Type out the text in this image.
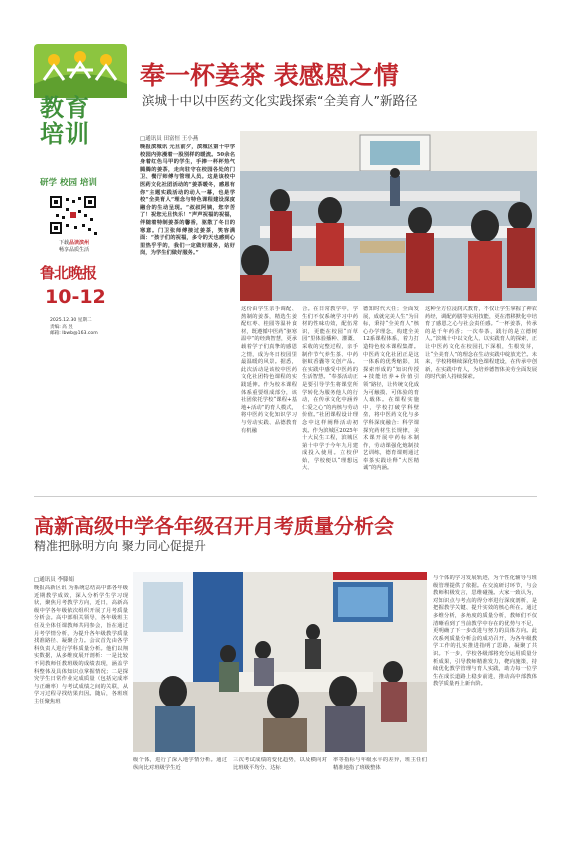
教育
培训
研学 校园 培训
下载品读滨州
畅享品质生活
鲁北晚报
10-12
2025.12.30 星期二
责编: 高 昱
邮箱: lbwb@163.com
奉一杯姜茶 表感恩之情
滨城十中以中医药文化实践探索“全美育人”新路径
□通讯员 田富恒 王小燕
晚报滨城讯 元旦前夕，滨城区第十中学校园内弥漫着一股别样的暖流。50余名身着红色马甲的学生，手捧一杯杯热气腾腾的姜茶，走向驻守在校园各处的门卫、餐厅师傅与管理人员。这是该校中医药文化社团活动的“姜茶暖冬，感恩有你”主题实践活动的动人一幕，也是学校“全美育人”理念与特色课程建设深度融合的生动呈现。“叔叔阿姨，您辛苦了！祝您元旦快乐！”声声祝福的祝福，伴随着特制姜茶的馨香，驱散了冬日的寒意。门卫张师傅接过姜茶，笑容满面：“孩子们的祝福，多令的天也感到心里热乎乎的，我们一定做好服务，站好岗，为学生们做好服务。”
这份由学生亲手调配、熬制的姜茶，精选生姜配红枣、桂圆等温补食材，既遵循中医药“驱寒温中”的经典智慧，更承载着学子们真挚的感恩之情，成为冬日校园里最温暖的风景。据悉，此次活动是该校中医药文化社团特色课程的实践延伸。作为校本课程体系重要组成部分，该社团依托学校“课程+基地+活动”的育人模式，将中医药文化知识学习与劳动实践、品德教育有机融
合。在日常教学中，学生们不仅系统学习中药材的性味功效，配伍常识，更能在校园“百草园”里体验播种、灌溉、采收的完整过程，亲手制作节气养生茶、中药驱蚊香囊等文创产品。在实践中感受中医药的生活智慧。“奉茶活动正是要引导学生将课堂所学转化为服务他人的行动，在传承文化中涵养仁爱之心”的内核与劳动价值。”社团课程设计理念中这样阐释活动初衷。作为滨城区2025年十大民生工程，滨城区第十中学于今年九月建成投入使用。立校伊始，学校便以“理想远大、
德知时代大任；全面发展，成就完美人生”为目标，秉持“全美育人”核心办学理念，构建全美12系课程体系，着力打造特色校本课程集群。中医药文化社团正是这一体系的优秀缩影，其探索形成的“知识传授+技能培养+价值引领”路径，让传统文化成为可触摸、可体验的育人载体。在课程实施中，学校打破学科壁垒，将中医药文化与多学科深度融合：科学课探究药材生长规律，美术课开展中药标本制作，劳动课强化炮制技艺训练，德育课则通过奉茶实践诠释“大医精诚”的内涵。
这种全方位浸润式教育，不仅让学生掌握了神农药经，调配药膳等实用技能，更在潜移默化中培育了感恩之心与社会责任感。“一杯姜茶，传承的是千年药香；一次奉茶，践行的是立德树人。”滨城十中以文化人、以实践育人的探索，正让中医药文化在校园扎下深根，生根发芽，让“全美育人”的理念在生动实践中绽放光芒。未来，学校将继续深化特色课程建设，在传承中创新，在实践中育人，为培养德智体美劳全面发展的时代新人持续探索。
高新高级中学各年级召开月考质量分析会
精准把脉明方向 聚力同心促提升
□通讯员 李滕娟
晚报高新区讯 为系统总结高中部各年级近期教学成效，深入分析学生学习现状，聚焦月考教学方向，近日，高新高级中学各年级依次组织开展了月考质量分析会。高中部相关领导，各年级班主任及全体任课教师共同参会，旨在通过月考学情分析，为提升各年级教学质量找准路径、凝聚合力。会议首先由各学科负责人进行学科质量分析。他们以翔实数据，从多维度展开剖析：一是比较不同教师任教班级的成绩表现，涵盖学科整体及具体知识点掌握情况；二是探究学生日常作业完成质量（包括完成率与正确率）与考试成绩之间的关联，从学习过程寻找结果归因。随后，各班班主任聚焦班
级个体，进行了深入地学情分析。通过纵向比对班级学生近
三次考试成绩的变化趋势，以及横向对比班级平均分、达标
率等指标与年级水平的差异，班主任们精准地指了班级整体
与个体的学习发展轨迹，为个性化辅导与班级管理提供了依据。在交流研讨环节，与会教师积极发言，思维碰撞。大家一致认为，对知识点与考点的得分率进行深度剖析，是把握教学关键、提升实效的核心所在。通过多维分析，多角度的质量分析，教师们不仅清晰看到了当前教学中存在的优势与不足，更明确了下一步改进与努力的具体方向。此次系列质量分析会的成功召开，为各年级教学工作的扎实推进指明了思路，凝聚了共识。下一步，学校各级部将充分运用质量分析成果，引导教师精准发力，靶向施策，持续优化教学管理与育人实践，助力每一位学生在成长道路上稳步前进，推动高中部教体教学质量再上新台阶。
